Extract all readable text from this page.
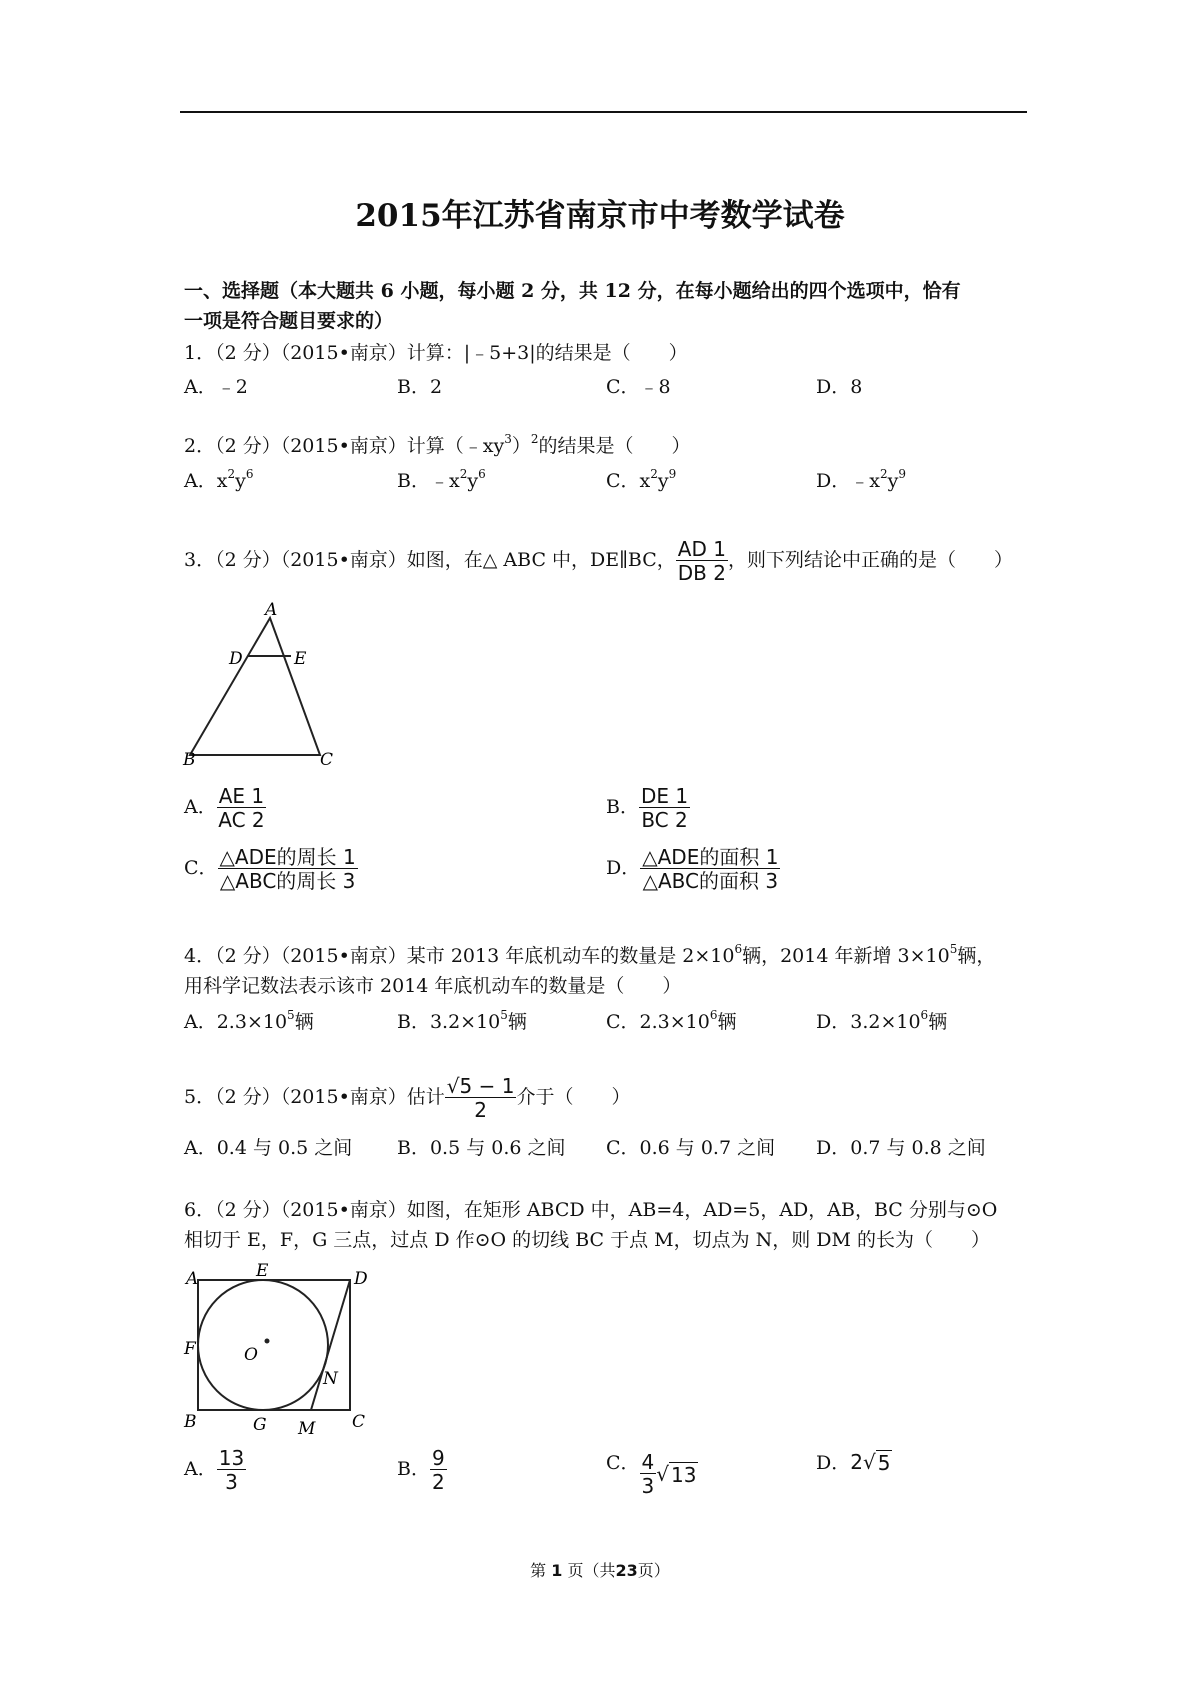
2015年江苏省南京市中考数学试卷
一、选择题（本大题共 6 小题，每小题 2 分，共 12 分，在每小题给出的四个选项中，恰有
一项是符合题目要求的）
1．（2 分）（2015•南京）计算：|﹣5+3|的结果是（　　）
A．﹣2	B．2	C．﹣8	D．8
2．（2 分）（2015•南京）计算$(﹣xy^3)^2$的结果是（　　）
A．$x^2y^6$	B．$﹣x^2y^6$	C．$x^2y^9$	D．$﹣x^2y^9$
3．（2 分）（2015•南京）如图，在△ ABC 中，DE∥BC， $\frac{AD 1}{DB 2}$ ，则下列结论中正确的是（　　）
A
D	E
B	C
A． $\frac{AE 1}{AC 2}$	B． $\frac{DE 1}{BC 2}$
C． $\frac{\text{△ADE的周长 1}}{\text{△ABC的周长 3}}$	D． $\frac{\text{△ADE的面积 1}}{\text{△ABC的面积 3}}$
4．（2 分）（2015•南京）某市 2013 年底机动车的数量是 $2\times 10^6$辆，2014 年新增 $3\times 10^5$辆，
用科学记数法表示该市 2014 年底机动车的数量是（　　）
A．$2.3\times 10^5$辆	B．$3.2\times 10^5$辆	C．$2.3\times 10^6$辆	D．$3.2\times 10^6$辆
5．（2 分）（2015•南京）估计 $\frac{√5 - 1}{2}$ 介于（　　）
A．0.4 与 0.5 之间 B．0.5 与 0.6 之间 C．0.6 与 0.7 之间 D．0.7 与 0.8 之间
6．（2 分）（2015•南京）如图，在矩形 ABCD 中，AB=4，AD=5，AD，AB，BC 分别与⊙O
相切于 E，F，G 三点，过点 D 作⊙O 的切线 BC 于点 M，切点为 N，则 DM 的长为（　　）
A	E	D
F	O
N
B	G M C
A． $\frac{13}{3}$	B． $\frac{9}{2}$	C． $\frac{4}{3}$ √ 13	D． 2 √ 5
第 1 页（共23页）
